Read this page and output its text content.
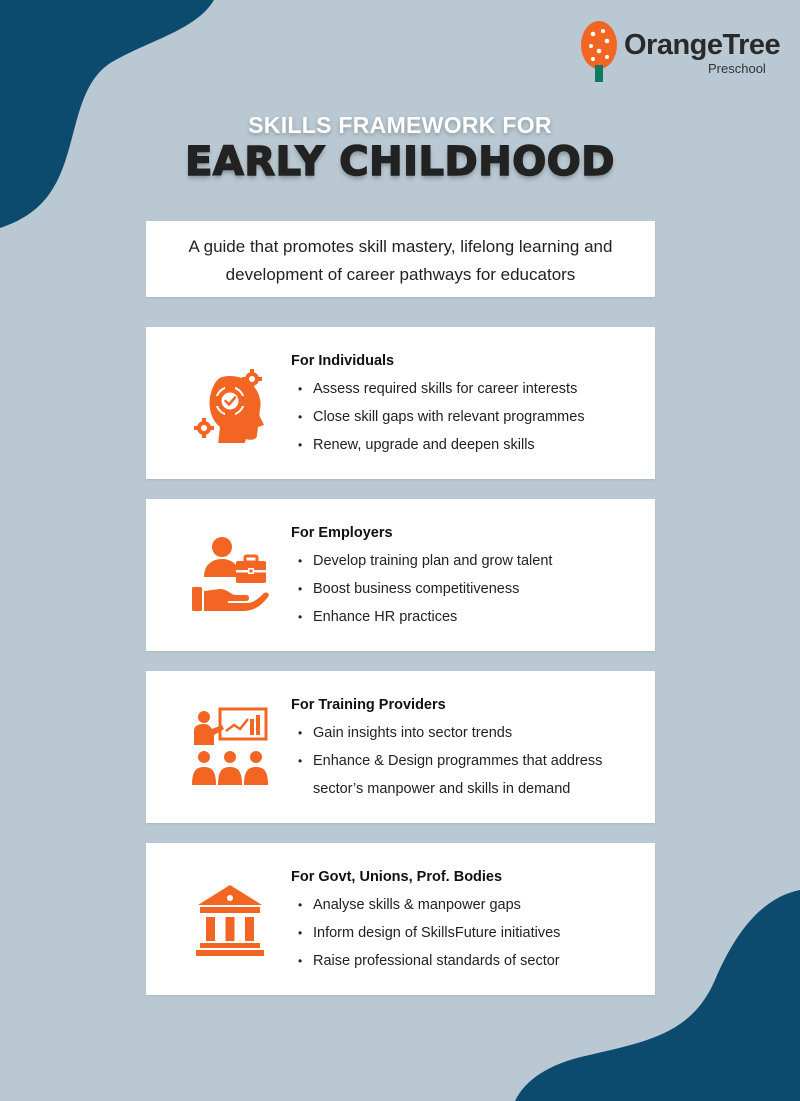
OrangeTree
Preschool
SKILLS FRAMEWORK FOR
EARLY CHILDHOOD
A guide that promotes skill mastery, lifelong learning and development of career pathways for educators
For Individuals
• Assess required skills for career interests
• Close skill gaps with relevant programmes
• Renew, upgrade and deepen skills
For Employers
• Develop training plan and grow talent
• Boost business competitiveness
• Enhance HR practices
For Training Providers
• Gain insights into sector trends
• Enhance & Design programmes that address sector’s manpower and skills in demand
For Govt, Unions, Prof. Bodies
• Analyse skills & manpower gaps
• Inform design of SkillsFuture initiatives
• Raise professional standards of sector
